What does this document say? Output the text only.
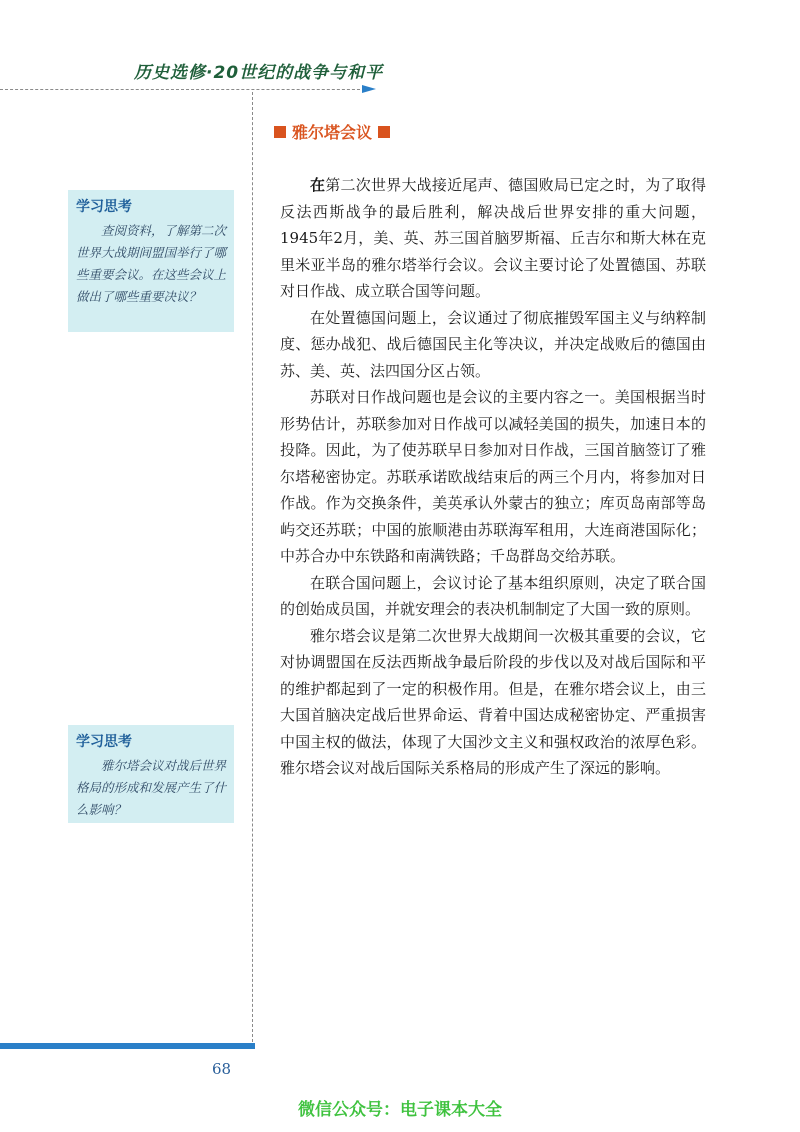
历史选修·20世纪的战争与和平
雅尔塔会议

在第二次世界大战接近尾声、德国败局已定之时，为了取得反法西斯战争的最后胜利，解决战后世界安排的重大问题，1945年2月，美、英、苏三国首脑罗斯福、丘吉尔和斯大林在克里米亚半岛的雅尔塔举行会议。会议主要讨论了处置德国、苏联对日作战、成立联合国等问题。

在处置德国问题上，会议通过了彻底摧毁军国主义与纳粹制度、惩办战犯、战后德国民主化等决议，并决定战败后的德国由苏、美、英、法四国分区占领。

苏联对日作战问题也是会议的主要内容之一。美国根据当时形势估计，苏联参加对日作战可以减轻美国的损失，加速日本的投降。因此，为了使苏联早日参加对日作战，三国首脑签订了雅尔塔秘密协定。苏联承诺欧战结束后的两三个月内，将参加对日作战。作为交换条件，美英承认外蒙古的独立；库页岛南部等岛屿交还苏联；中国的旅顺港由苏联海军租用，大连商港国际化；中苏合办中东铁路和南满铁路；千岛群岛交给苏联。

在联合国问题上，会议讨论了基本组织原则，决定了联合国的创始成员国，并就安理会的表决机制制定了大国一致的原则。

雅尔塔会议是第二次世界大战期间一次极其重要的会议，它对协调盟国在反法西斯战争最后阶段的步伐以及对战后国际和平的维护都起到了一定的积极作用。但是，在雅尔塔会议上，由三大国首脑决定战后世界命运、背着中国达成秘密协定、严重损害中国主权的做法，体现了大国沙文主义和强权政治的浓厚色彩。雅尔塔会议对战后国际关系格局的形成产生了深远的影响。

学习思考

查阅资料，了解第二次世界大战期间盟国举行了哪些重要会议。在这些会议上做出了哪些重要决议？

学习思考

雅尔塔会议对战后世界格局的形成和发展产生了什么影响？

68
微信公众号：电子课本大全
